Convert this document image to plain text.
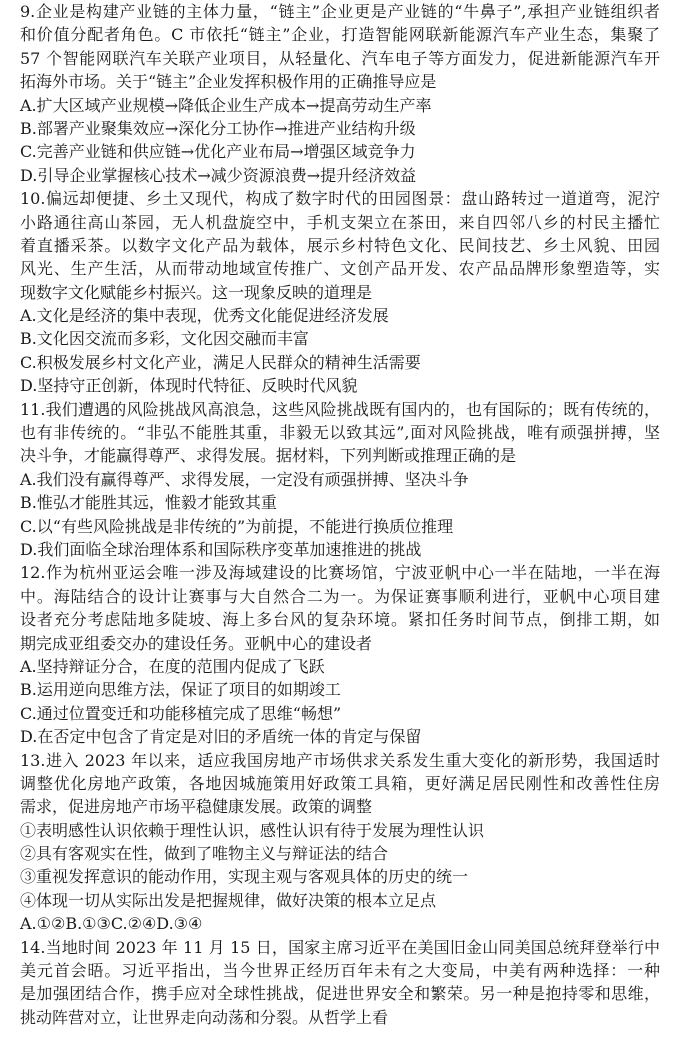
9.企业是构建产业链的主体力量，“链主”企业更是产业链的“牛鼻子”,承担产业链组织者
和价值分配者角色。C 市依托“链主”企业，打造智能网联新能源汽车产业生态，集聚了
57 个智能网联汽车关联产业项目，从轻量化、汽车电子等方面发力，促进新能源汽车开
拓海外市场。关于“链主”企业发挥积极作用的正确推导应是
A.扩大区域产业规模→降低企业生产成本→提高劳动生产率
B.部署产业聚集效应→深化分工协作→推进产业结构升级
C.完善产业链和供应链→优化产业布局→增强区域竞争力
D.引导企业掌握核心技术→减少资源浪费→提升经济效益
10.偏远却便捷、乡土又现代，构成了数字时代的田园图景：盘山路转过一道道弯，泥泞
小路通往高山茶园，无人机盘旋空中，手机支架立在茶田，来自四邻八乡的村民主播忙
着直播采茶。以数字文化产品为载体，展示乡村特色文化、民间技艺、乡土风貌、田园
风光、生产生活，从而带动地域宣传推广、文创产品开发、农产品品牌形象塑造等，实
现数字文化赋能乡村振兴。这一现象反映的道理是
A.文化是经济的集中表现，优秀文化能促进经济发展
B.文化因交流而多彩，文化因交融而丰富
C.积极发展乡村文化产业，满足人民群众的精神生活需要
D.坚持守正创新，体现时代特征、反映时代风貌
11.我们遭遇的风险挑战风高浪急，这些风险挑战既有国内的，也有国际的；既有传统的，
也有非传统的。“非弘不能胜其重，非毅无以致其远”,面对风险挑战，唯有顽强拼搏，坚
决斗争，才能赢得尊严、求得发展。据材料，下列判断或推理正确的是
A.我们没有赢得尊严、求得发展，一定没有顽强拼搏、坚决斗争
B.惟弘才能胜其远，惟毅才能致其重
C.以“有些风险挑战是非传统的”为前提，不能进行换质位推理
D.我们面临全球治理体系和国际秩序变革加速推进的挑战
12.作为杭州亚运会唯一涉及海域建设的比赛场馆，宁波亚帆中心一半在陆地，一半在海
中。海陆结合的设计让赛事与大自然合二为一。为保证赛事顺利进行，亚帆中心项目建
设者充分考虑陆地多陡坡、海上多台风的复杂环境。紧扣任务时间节点，倒排工期，如
期完成亚组委交办的建设任务。亚帆中心的建设者
A.坚持辩证分合，在度的范围内促成了飞跃
B.运用逆向思维方法，保证了项目的如期竣工
C.通过位置变迁和功能移植完成了思维“畅想”
D.在否定中包含了肯定是对旧的矛盾统一体的肯定与保留
13.进入 2023 年以来，适应我国房地产市场供求关系发生重大变化的新形势，我国适时
调整优化房地产政策，各地因城施策用好政策工具箱，更好满足居民刚性和改善性住房
需求，促进房地产市场平稳健康发展。政策的调整
①表明感性认识依赖于理性认识，感性认识有待于发展为理性认识
②具有客观实在性，做到了唯物主义与辩证法的结合
③重视发挥意识的能动作用，实现主观与客观具体的历史的统一
④体现一切从实际出发是把握规律，做好决策的根本立足点
A.①②B.①③C.②④D.③④
14.当地时间 2023 年 11 月 15 日，国家主席习近平在美国旧金山同美国总统拜登举行中
美元首会晤。习近平指出，当今世界正经历百年未有之大变局，中美有两种选择：一种
是加强团结合作，携手应对全球性挑战，促进世界安全和繁荣。另一种是抱持零和思维，
挑动阵营对立，让世界走向动荡和分裂。从哲学上看
